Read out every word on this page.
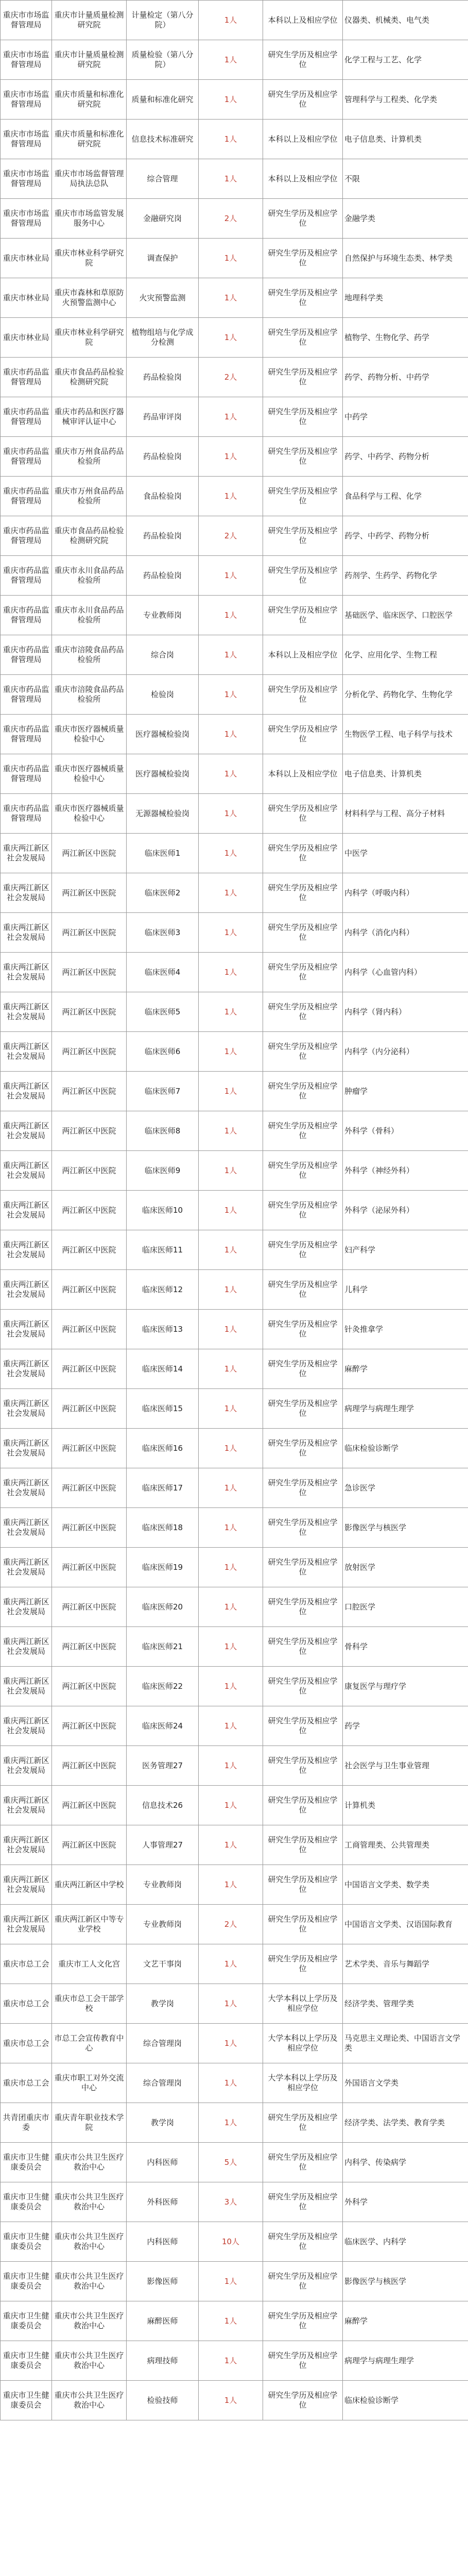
重庆市市场监督管理局	重庆市计量质量检测研究院	计量检定（第八分院）	1人	本科以上及相应学位	仪器类、机械类、电气类
重庆市市场监督管理局	重庆市计量质量检测研究院	质量检验（第八分院）	1人	研究生学历及相应学位	化学工程与工艺、化学
重庆市市场监督管理局	重庆市质量和标准化研究院	质量和标准化研究	1人	研究生学历及相应学位	管理科学与工程类、化学类
重庆市市场监督管理局	重庆市质量和标准化研究院	信息技术标准研究	1人	本科以上及相应学位	电子信息类、计算机类
重庆市市场监督管理局	重庆市市场监督管理局执法总队	综合管理	1人	本科以上及相应学位	不限
重庆市市场监督管理局	重庆市市场监管发展服务中心	金融研究岗	2人	研究生学历及相应学位	金融学类
重庆市林业局	重庆市林业科学研究院	调查保护	1人	研究生学历及相应学位	自然保护与环境生态类、林学类
重庆市林业局	重庆市森林和草原防火预警监测中心	火灾预警监测	1人	研究生学历及相应学位	地理科学类
重庆市林业局	重庆市林业科学研究院	植物组培与化学成分检测	1人	研究生学历及相应学位	植物学、生物化学、药学
重庆市药品监督管理局	重庆市食品药品检验检测研究院	药品检验岗	2人	研究生学历及相应学位	药学、药物分析、中药学
重庆市药品监督管理局	重庆市药品和医疗器械审评认证中心	药品审评岗	1人	研究生学历及相应学位	中药学
重庆市药品监督管理局	重庆市万州食品药品检验所	药品检验岗	1人	研究生学历及相应学位	药学、中药学、药物分析
重庆市药品监督管理局	重庆市万州食品药品检验所	食品检验岗	1人	研究生学历及相应学位	食品科学与工程、化学
重庆市药品监督管理局	重庆市食品药品检验检测研究院	药品检验岗	2人	研究生学历及相应学位	药学、中药学、药物分析
重庆市药品监督管理局	重庆市永川食品药品检验所	药品检验岗	1人	研究生学历及相应学位	药剂学、生药学、药物化学
重庆市药品监督管理局	重庆市永川食品药品检验所	专业教师岗	1人	研究生学历及相应学位	基础医学、临床医学、口腔医学
重庆市药品监督管理局	重庆市涪陵食品药品检验所	综合岗	1人	本科以上及相应学位	化学、应用化学、生物工程
重庆市药品监督管理局	重庆市涪陵食品药品检验所	检验岗	1人	研究生学历及相应学位	分析化学、药物化学、生物化学
重庆市药品监督管理局	重庆市医疗器械质量检验中心	医疗器械检验岗	1人	研究生学历及相应学位	生物医学工程、电子科学与技术
重庆市药品监督管理局	重庆市医疗器械质量检验中心	医疗器械检验岗	1人	本科以上及相应学位	电子信息类、计算机类
重庆市药品监督管理局	重庆市医疗器械质量检验中心	无源器械检验岗	1人	研究生学历及相应学位	材料科学与工程、高分子材料
重庆两江新区社会发展局	两江新区中医院	临床医师1	1人	研究生学历及相应学位	中医学
重庆两江新区社会发展局	两江新区中医院	临床医师2	1人	研究生学历及相应学位	内科学（呼吸内科）
重庆两江新区社会发展局	两江新区中医院	临床医师3	1人	研究生学历及相应学位	内科学（消化内科）
重庆两江新区社会发展局	两江新区中医院	临床医师4	1人	研究生学历及相应学位	内科学（心血管内科）
重庆两江新区社会发展局	两江新区中医院	临床医师5	1人	研究生学历及相应学位	内科学（肾内科）
重庆两江新区社会发展局	两江新区中医院	临床医师6	1人	研究生学历及相应学位	内科学（内分泌科）
重庆两江新区社会发展局	两江新区中医院	临床医师7	1人	研究生学历及相应学位	肿瘤学
重庆两江新区社会发展局	两江新区中医院	临床医师8	1人	研究生学历及相应学位	外科学（骨科）
重庆两江新区社会发展局	两江新区中医院	临床医师9	1人	研究生学历及相应学位	外科学（神经外科）
重庆两江新区社会发展局	两江新区中医院	临床医师10	1人	研究生学历及相应学位	外科学（泌尿外科）
重庆两江新区社会发展局	两江新区中医院	临床医师11	1人	研究生学历及相应学位	妇产科学
重庆两江新区社会发展局	两江新区中医院	临床医师12	1人	研究生学历及相应学位	儿科学
重庆两江新区社会发展局	两江新区中医院	临床医师13	1人	研究生学历及相应学位	针灸推拿学
重庆两江新区社会发展局	两江新区中医院	临床医师14	1人	研究生学历及相应学位	麻醉学
重庆两江新区社会发展局	两江新区中医院	临床医师15	1人	研究生学历及相应学位	病理学与病理生理学
重庆两江新区社会发展局	两江新区中医院	临床医师16	1人	研究生学历及相应学位	临床检验诊断学
重庆两江新区社会发展局	两江新区中医院	临床医师17	1人	研究生学历及相应学位	急诊医学
重庆两江新区社会发展局	两江新区中医院	临床医师18	1人	研究生学历及相应学位	影像医学与核医学
重庆两江新区社会发展局	两江新区中医院	临床医师19	1人	研究生学历及相应学位	放射医学
重庆两江新区社会发展局	两江新区中医院	临床医师20	1人	研究生学历及相应学位	口腔医学
重庆两江新区社会发展局	两江新区中医院	临床医师21	1人	研究生学历及相应学位	骨科学
重庆两江新区社会发展局	两江新区中医院	临床医师22	1人	研究生学历及相应学位	康复医学与理疗学
重庆两江新区社会发展局	两江新区中医院	临床医师24	1人	研究生学历及相应学位	药学
重庆两江新区社会发展局	两江新区中医院	医务管理27	1人	研究生学历及相应学位	社会医学与卫生事业管理
重庆两江新区社会发展局	两江新区中医院	信息技术26	1人	研究生学历及相应学位	计算机类
重庆两江新区社会发展局	两江新区中医院	人事管理27	1人	研究生学历及相应学位	工商管理类、公共管理类
重庆两江新区社会发展局	重庆两江新区中学校	专业教师岗	1人	研究生学历及相应学位	中国语言文学类、数学类
重庆两江新区社会发展局	重庆两江新区中等专业学校	专业教师岗	2人	研究生学历及相应学位	中国语言文学类、汉语国际教育
重庆市总工会	重庆市工人文化宫	文艺干事岗	1人	研究生学历及相应学位	艺术学类、音乐与舞蹈学
重庆市总工会	重庆市总工会干部学校	教学岗	1人	大学本科以上学历及相应学位	经济学类、管理学类
重庆市总工会	市总工会宣传教育中心	综合管理岗	1人	大学本科以上学历及相应学位	马克思主义理论类、中国语言文学类
重庆市总工会	重庆市职工对外交流中心	综合管理岗	1人	大学本科以上学历及相应学位	外国语言文学类
共青团重庆市委	重庆青年职业技术学院	教学岗	1人	研究生学历及相应学位	经济学类、法学类、教育学类
重庆市卫生健康委员会	重庆市公共卫生医疗救治中心	内科医师	5人	研究生学历及相应学位	内科学、传染病学
重庆市卫生健康委员会	重庆市公共卫生医疗救治中心	外科医师	3人	研究生学历及相应学位	外科学
重庆市卫生健康委员会	重庆市公共卫生医疗救治中心	内科医师	10人	研究生学历及相应学位	临床医学、内科学
重庆市卫生健康委员会	重庆市公共卫生医疗救治中心	影像医师	1人	研究生学历及相应学位	影像医学与核医学
重庆市卫生健康委员会	重庆市公共卫生医疗救治中心	麻醉医师	1人	研究生学历及相应学位	麻醉学
重庆市卫生健康委员会	重庆市公共卫生医疗救治中心	病理技师	1人	研究生学历及相应学位	病理学与病理生理学
重庆市卫生健康委员会	重庆市公共卫生医疗救治中心	检验技师	1人	研究生学历及相应学位	临床检验诊断学
